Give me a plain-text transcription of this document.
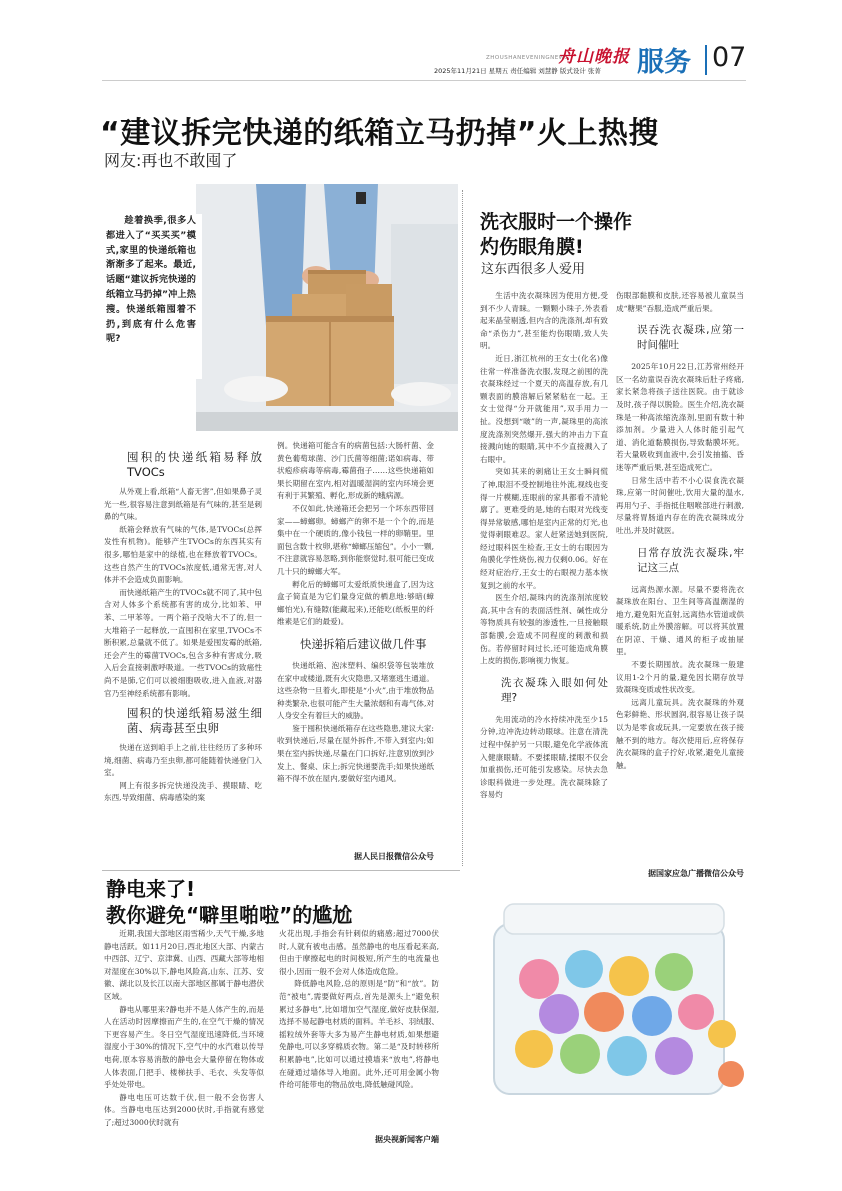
ZHOUSHANEVENINGNEWS
舟山晚报 服务 07
2025年11月21日 星期五 责任编辑 刘慧静 版式设计 张菁
“建议拆完快递的纸箱立马扔掉”火上热搜
网友:再也不敢囤了
趁着换季,很多人都进入了“买买买”模式,家里的快递纸箱也渐渐多了起来。最近,话题“建议拆完快递的纸箱立马扔掉”冲上热搜。快递纸箱囤着不扔,到底有什么危害呢?
囤积的快递纸箱易释放TVOCs

从外观上看,纸箱“人畜无害”,但如果鼻子灵光一些,很容易注意到纸箱是有气味的,甚至是刺鼻的气味。

纸箱会释放有气味的气体,是TVOCs(总挥发性有机物)。能够产生TVOCs的东西其实有很多,哪怕是家中的绿植,也在释放着TVOCs。这些自然产生的TVOCs浓度低,通常无害,对人体并不会造成负面影响。

而快递纸箱产生的TVOCs就不同了,其中包含对人体多个系统都有害的成分,比如苯、甲苯、二甲苯等。一两个箱子没啥大不了的,但一大堆箱子一起释放,一直囤积在家里,TVOCs不断积累,总量就不低了。如果是爱囤发霉的纸箱,还会产生的霉菌TVOCs,包含多种有害成分,吸入后会直接刺激呼吸道。一些TVOCs的致癌性尚不是肺,它们可以被细胞吸收,进入血液,对器官乃至神经系统都有影响。

囤积的快递纸箱易滋生细菌、病毒甚至虫卵

快递在送到咱手上之前,往往经历了多种环境,细菌、病毒乃至虫卵,都可能随着快递登门入室。

网上有很多拆完快递没洗手、摸眼睛、吃东西,导致细菌、病毒感染的案

例。快递箱可能含有的病菌包括:大肠杆菌、金黄色葡萄球菌、沙门氏菌等细菌;诺如病毒、带状疱疹病毒等病毒,霉菌孢子……这些快递箱如果长期留在室内,相对温暖湿润的室内环境会更有利于其繁殖、孵化,形成新的蛾病源。

不仅如此,快递箱还会把另一个坏东西带回家——蟑螂卵。蟑螂产的卵不是一个个的,而是集中在一个硬质的,像小钱包一样的卵鞘里。里面包含数十枚卵,堪称“蟑螂压缩包”。小小一颗,不注意就容易忽略,到你能察觉时,很可能已变成几十只的蟑螂大军。

孵化后的蟑螂可太爱纸质快递盒了,因为这盒子简直是为它们量身定做的栖息地:够暗(蟑螂怕光),有缝隙(能藏起来),还能吃(纸板里的纤维素是它们的最爱)。

快递拆箱后建议做几件事

快递纸箱、泡沫塑料、编织袋等包装堆放在家中或楼道,既有火灾隐患,又堵塞逃生通道。这些杂物一旦着火,即使是“小火”,由于堆放物品种类繁杂,也很可能产生大量浓烟和有毒气体,对人身安全有着巨大的威胁。

鉴于囤积快递纸箱存在这些隐患,建议大家:收到快递后,尽量在屋外拆件,不带入到室内;如果在室内拆快递,尽量在门口拆好,注意别放到沙发上、餐桌、床上;拆完快递要洗手;如果快递纸箱不得不放在屋内,要做好室内通风。

据人民日报微信公众号
洗衣服时一个操作
灼伤眼角膜!
这东西很多人爱用

生活中洗衣凝珠因为使用方便,受到不少人青睐。一颗颗小珠子,外表看起来晶莹剔透,但内含的洗涤剂,却有致命“杀伤力”,甚至能灼伤眼睛,致人失明。

近日,浙江杭州的王女士(化名)像往常一样准备洗衣服,发现之前囤的洗衣凝珠经过一个夏天的高温存放,有几颗表面的膜溶解后紧紧粘在一起。王女士觉得“分开就能用”,双手用力一扯。没想到“啵”的一声,凝珠里的高浓度洗涤剂突然爆开,强大的冲击力下直接溅向她的眼睛,其中不少直接溅入了右眼中。

突如其来的刺痛让王女士瞬间慌了神,眼泪不受控制地往外流,视线也变得一片模糊,连眼前的家具都看不清轮廓了。更难受的是,她的右眼对光线变得异常敏感,哪怕是室内正常的灯光,也觉得刺眼难忍。家人赶紧送她到医院,经过眼科医生检查,王女士的右眼因为角膜化学性烧伤,视力仅剩0.06。好在经对症治疗,王女士的右眼视力基本恢复到之前的水平。

医生介绍,凝珠内的洗涤剂浓度较高,其中含有的表面活性剂、碱性成分等物质具有较强的渗透性,一旦接触眼部黏膜,会造成不同程度的刺激和损伤。若停留时间过长,还可能造成角膜上皮的损伤,影响视力恢复。

洗衣凝珠入眼如何处理?

先用流动的冷水持续冲洗至少15分钟,边冲洗边转动眼球。注意在清洗过程中保护另一只眼,避免化学液体流入健康眼睛。不要揉眼睛,揉眼不仅会加重损伤,还可能引发感染。尽快去急诊眼科做进一步处理。洗衣凝珠除了容易灼

伤眼部黏膜和皮肤,还容易被儿童误当成“糖果”吞服,造成严重后果。

误吞洗衣凝珠,应第一时间催吐

2025年10月22日,江苏常州经开区一名幼童误吞洗衣凝珠后肚子疼痛,家长紧急将孩子送往医院。由于就诊及时,孩子得以脱险。医生介绍,洗衣凝珠是一种高浓缩洗涤剂,里面有数十种添加剂。少量进入人体时能引起气道、消化道黏膜损伤,导致黏膜坏死。若大量吸收到血液中,会引发抽搐、昏迷等严重后果,甚至造成死亡。

日常生活中若不小心误食洗衣凝珠,应第一时间催吐,饮用大量的温水,再用勺子、手指抵住咽喉部进行刺激,尽量将胃肠道内存在的洗衣凝珠成分吐出,并及时就医。

日常存放洗衣凝珠,牢记这三点

远离热源水源。尽量不要将洗衣凝珠放在阳台、卫生间等高温潮湿的地方,避免阳光直射,远离热水管道或供暖系统,防止外膜溶解。可以将其放置在阴凉、干燥、通风的柜子或抽屉里。

不要长期囤放。洗衣凝珠一般建议用1-2个月的量,避免因长期存放导致凝珠变质或性状改变。

远离儿童玩具。洗衣凝珠的外观色彩鲜艳、形状圆润,很容易让孩子误以为是零食或玩具,一定要放在孩子接触不到的地方。每次使用后,应将保存洗衣凝珠的盒子拧好,收紧,避免儿童接触。

据国家应急广播微信公众号
静电来了!
教你避免“噼里啪啦”的尴尬

近期,我国大部地区雨雪稀少,天气干燥,多地静电活跃。如11月20日,西北地区大部、内蒙古中西部、辽宁、京津冀、山西、西藏大部等地相对湿度在30%以下,静电风险高,山东、江苏、安徽、湖北以及长江以南大部地区都属于静电潜伏区域。

静电从哪里来?静电并不是人体产生的,而是人在活动时因摩擦而产生的,在空气干燥的情况下更容易产生。冬日空气湿度迅速降低,当环境湿度小于30%的情况下,空气中的水汽难以传导电荷,原本容易消散的静电会大量停留在物体或人体表面,门把手、楼梯扶手、毛衣、头发等似乎处处带电。

静电电压可达数千伏,但一般不会伤害人体。当静电电压达到2000伏时,手指就有感觉了;超过3000伏时就有

火花出现,手指会有针刺似的痛感;超过7000伏时,人就有被电击感。虽然静电的电压看起来高,但由于摩擦起电的时间极短,所产生的电流量也很小,因而一般不会对人体造成危险。

降低静电风险,总的原则是“防”和“放”。防范“被电”,需要做好两点,首先是源头上“避免积累过多静电”,比如增加空气湿度,做好皮肤保湿,选择不易起静电材质的面料。羊毛衫、羽绒服、摇粒绒外套等大多为易产生静电材质,如果想避免静电,可以多穿棉质衣物。第二是“及时转移所积累静电”,比如可以通过摸墙来“放电”,将静电在碰通过墙体导入地面。此外,还可用金属小物件给可能带电的物品放电,降低触碰风险。

据央视新闻客户端
